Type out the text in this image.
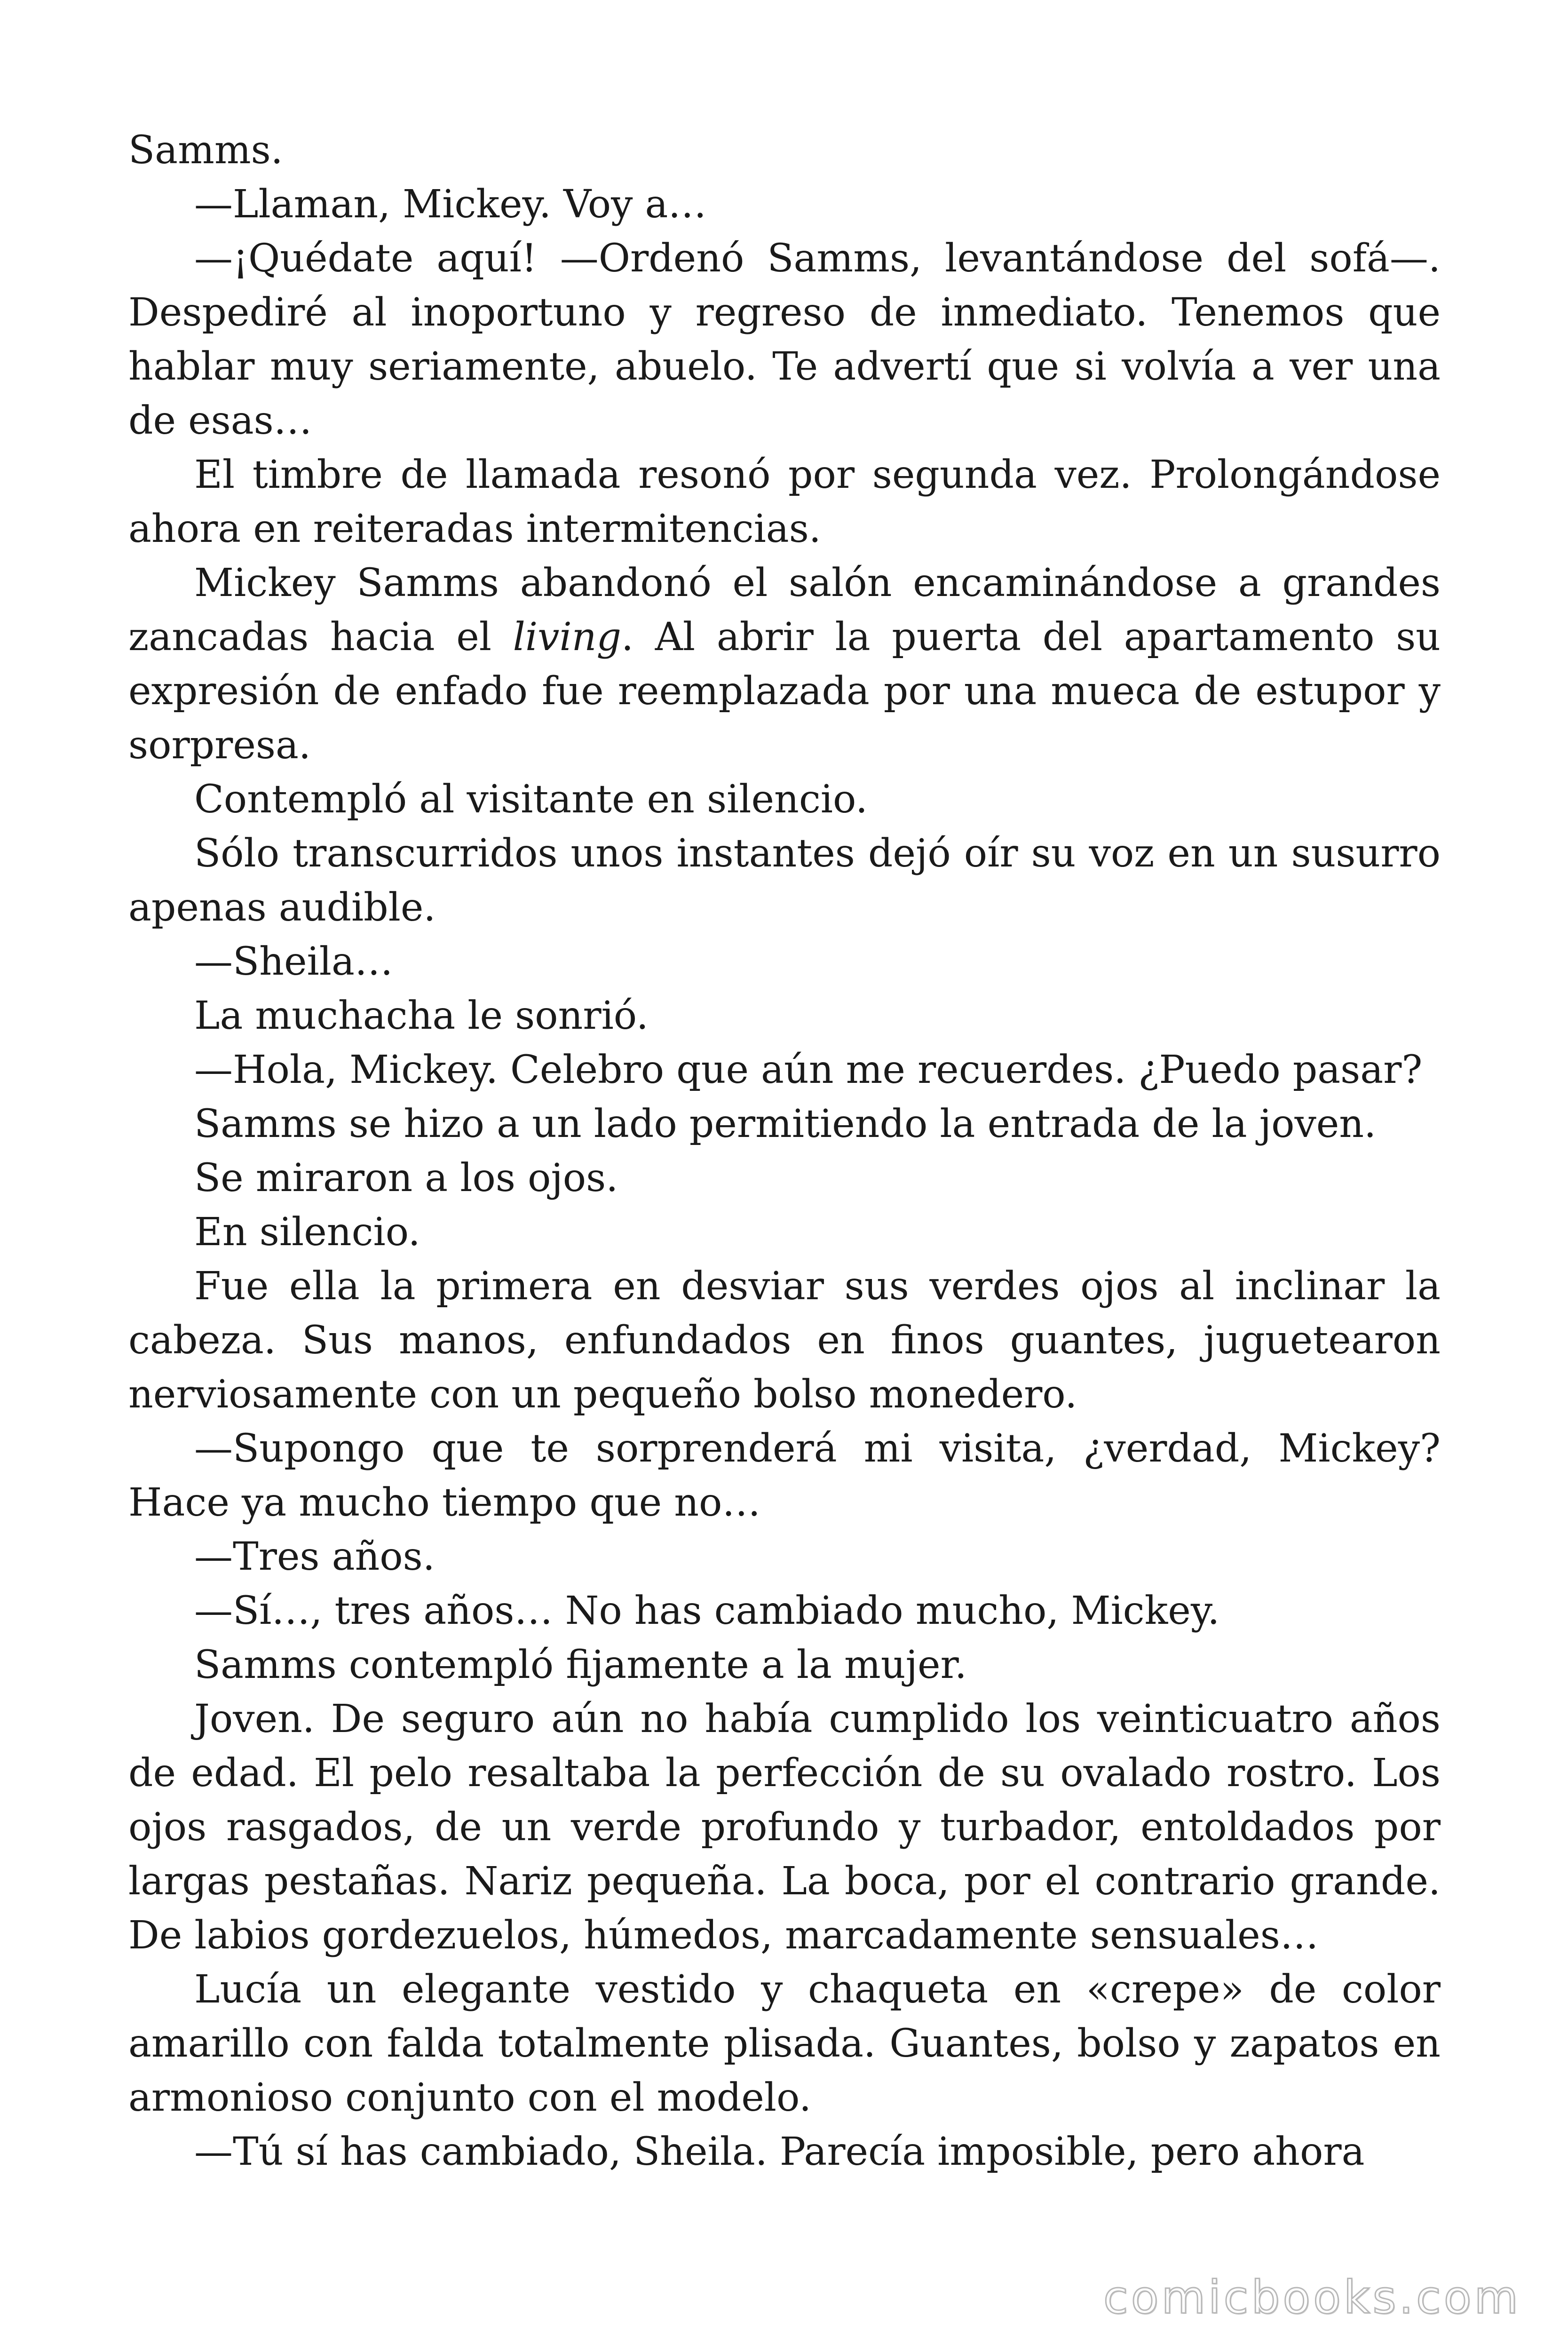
Samms.

—Llaman, Mickey. Voy a…

—¡Quédate aquí! —Ordenó Samms, levantándose del sofá—. Despediré al inoportuno y regreso de inmediato. Tenemos que hablar muy seriamente, abuelo. Te advertí que si volvía a ver una de esas…

El timbre de llamada resonó por segunda vez. Prolongándose ahora en reiteradas intermitencias.

Mickey Samms abandonó el salón encaminándose a grandes zancadas hacia el living. Al abrir la puerta del apartamento su expresión de enfado fue reemplazada por una mueca de estupor y sorpresa.

Contempló al visitante en silencio.

Sólo transcurridos unos instantes dejó oír su voz en un susurro apenas audible.

—Sheila…

La muchacha le sonrió.

—Hola, Mickey. Celebro que aún me recuerdes. ¿Puedo pasar?

Samms se hizo a un lado permitiendo la entrada de la joven.

Se miraron a los ojos.

En silencio.

Fue ella la primera en desviar sus verdes ojos al inclinar la cabeza. Sus manos, enfundados en finos guantes, juguetearon nerviosamente con un pequeño bolso monedero.

—Supongo que te sorprenderá mi visita, ¿verdad, Mickey? Hace ya mucho tiempo que no…

—Tres años.

—Sí…, tres años… No has cambiado mucho, Mickey.

Samms contempló fijamente a la mujer.

Joven. De seguro aún no había cumplido los veinticuatro años de edad. El pelo resaltaba la perfección de su ovalado rostro. Los ojos rasgados, de un verde profundo y turbador, entoldados por largas pestañas. Nariz pequeña. La boca, por el contrario grande. De labios gordezuelos, húmedos, marcadamente sensuales…

Lucía un elegante vestido y chaqueta en «crepe» de color amarillo con falda totalmente plisada. Guantes, bolso y zapatos en armonioso conjunto con el modelo.

—Tú sí has cambiado, Sheila. Parecía imposible, pero ahora

comicbooks.com
